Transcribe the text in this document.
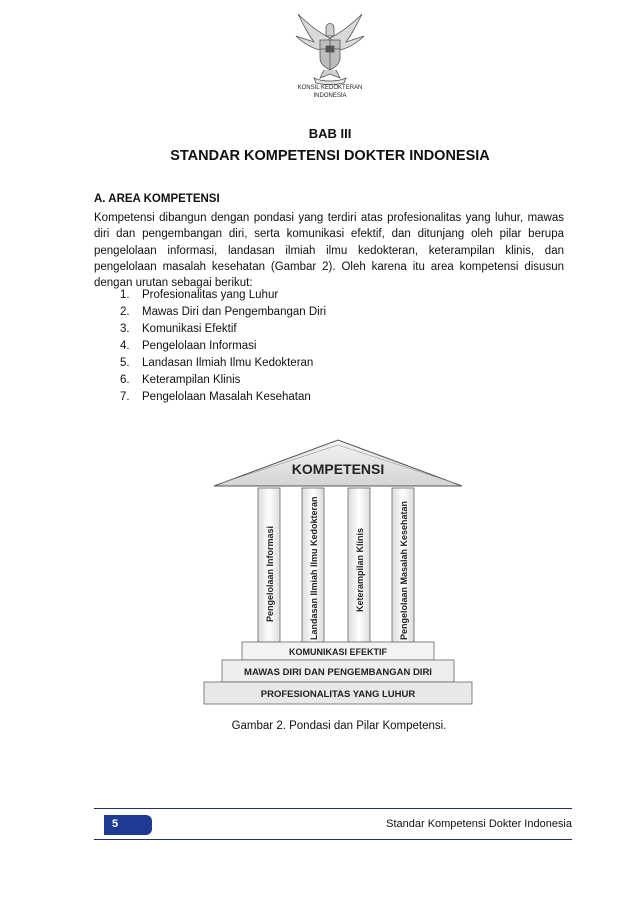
KONSIL KEDOKTERAN
INDONESIA
BAB III
STANDAR KOMPETENSI DOKTER INDONESIA
A. AREA KOMPETENSI
Kompetensi dibangun dengan pondasi yang terdiri atas profesionalitas yang luhur, mawas diri dan pengembangan diri, serta komunikasi efektif, dan ditunjang oleh pilar berupa pengelolaan informasi, landasan ilmiah ilmu kedokteran, keterampilan klinis, dan pengelolaan masalah kesehatan (Gambar 2). Oleh karena itu area kompetensi disusun dengan urutan sebagai berikut:
1.	Profesionalitas yang Luhur
2.	Mawas Diri dan Pengembangan Diri
3.	Komunikasi Efektif
4.	Pengelolaan Informasi
5.	Landasan Ilmiah Ilmu Kedokteran
6.	Keterampilan Klinis
7.	Pengelolaan Masalah Kesehatan
KOMPETENSI
Pengelolaan Informasi	Landasan Ilmiah Ilmu Kedokteran	Keterampilan Klinis	Pengelolaan Masalah Kesehatan
KOMUNIKASI EFEKTIF
MAWAS DIRI DAN PENGEMBANGAN DIRI
PROFESIONALITAS YANG LUHUR
Gambar 2. Pondasi dan Pilar Kompetensi.
5	Standar Kompetensi Dokter Indonesia
